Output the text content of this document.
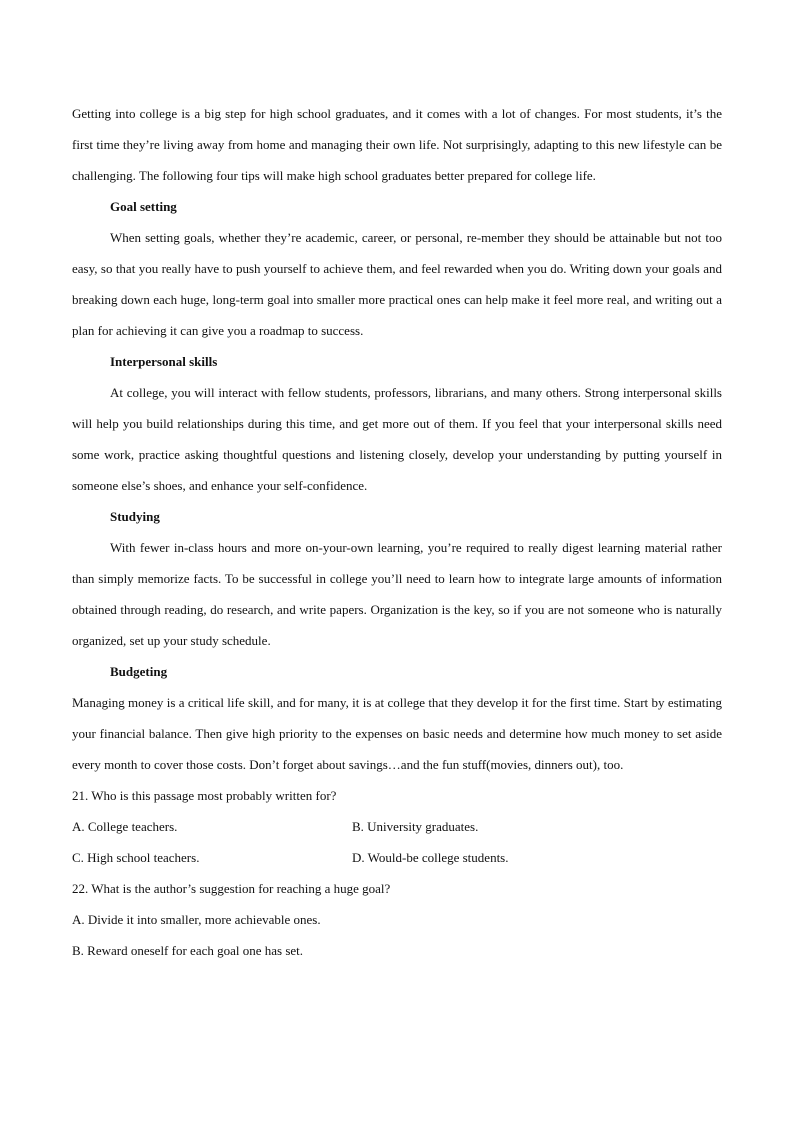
Getting into college is a big step for high school graduates, and it comes with a lot of changes. For most students, it’s the first time they’re living away from home and managing their own life. Not surprisingly, adapting to this new lifestyle can be challenging. The following four tips will make high school graduates better prepared for college life.

Goal setting

When setting goals, whether they’re academic, career, or personal, re-member they should be attainable but not too easy, so that you really have to push yourself to achieve them, and feel rewarded when you do. Writing down your goals and breaking down each huge, long-term goal into smaller more practical ones can help make it feel more real, and writing out a plan for achieving it can give you a roadmap to success.

Interpersonal skills

At college, you will interact with fellow students, professors, librarians, and many others. Strong interpersonal skills will help you build relationships during this time, and get more out of them. If you feel that your interpersonal skills need some work, practice asking thoughtful questions and listening closely, develop your understanding by putting yourself in someone else’s shoes, and enhance your self-confidence.

Studying

With fewer in-class hours and more on-your-own learning, you’re required to really digest learning material rather than simply memorize facts. To be successful in college you’ll need to learn how to integrate large amounts of information obtained through reading, do research, and write papers. Organization is the key, so if you are not someone who is naturally organized, set up your study schedule.

Budgeting

Managing money is a critical life skill, and for many, it is at college that they develop it for the first time. Start by estimating your financial balance. Then give high priority to the expenses on basic needs and determine how much money to set aside every month to cover those costs. Don’t forget about savings…and the fun stuff(movies, dinners out), too.

21. Who is this passage most probably written for?

A. College teachers.	B. University graduates.
C. High school teachers.	D. Would-be college students.

22. What is the author’s suggestion for reaching a huge goal?

A. Divide it into smaller, more achievable ones.

B. Reward oneself for each goal one has set.
